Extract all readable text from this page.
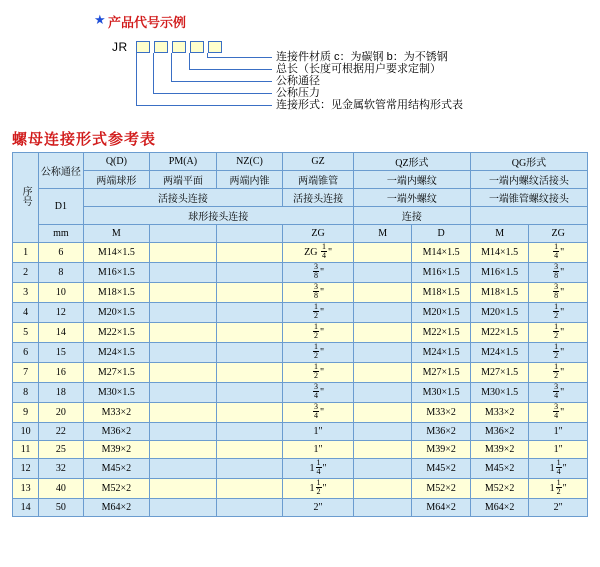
★ 产品代号示例
JR
连接件材质 c：为碳钢 b：为不锈钢
总长（长度可根据用户要求定制）
公称通径
公称压力
连接形式：见金属软管常用结构形式表
螺母连接形式参考表
序号	公称通径	Q(D)	PM(A)	NZ(C)	GZ	QZ形式		QG形式	
		两端球形	两端平面	两端内锥	两端锥管	一端内螺纹		一端内螺纹活接头	
	D1	活接头连接			活接头连接	一端外螺纹		一端锥管螺纹接头	
		球形接头连接				连接			
	mm	M			ZG	M	D	M	ZG
1	6	M14×1.5			ZG $\frac{1}{4}$ "		M14×1.5	M14×1.5	$\frac{1}{4}$ "
2	8	M16×1.5			$\frac{3}{8}$ "		M16×1.5	M16×1.5	$\frac{3}{8}$ "
3	10	M18×1.5			$\frac{3}{8}$ "		M18×1.5	M18×1.5	$\frac{3}{8}$ "
4	12	M20×1.5			$\frac{1}{2}$ "		M20×1.5	M20×1.5	$\frac{1}{2}$ "
5	14	M22×1.5			$\frac{1}{2}$ "		M22×1.5	M22×1.5	$\frac{1}{2}$ "
6	15	M24×1.5			$\frac{1}{2}$ "		M24×1.5	M24×1.5	$\frac{1}{2}$ "
7	16	M27×1.5			$\frac{1}{2}$ "		M27×1.5	M27×1.5	$\frac{1}{2}$ "
8	18	M30×1.5			$\frac{3}{4}$ "		M30×1.5	M30×1.5	$\frac{3}{4}$ "
9	20	M33×2			$\frac{3}{4}$ "		M33×2	M33×2	$\frac{3}{4}$ "
10	22	M36×2			1"		M36×2	M36×2	1"
11	25	M39×2			1"		M39×2	M39×2	1"
12	32	M45×2			$1 \frac{1}{4}$ "		M45×2	M45×2	$1 \frac{1}{4}$ "
13	40	M52×2			$1 \frac{1}{2}$ "		M52×2	M52×2	$1 \frac{1}{2}$ "
14	50	M64×2			2"		M64×2	M64×2	2"
